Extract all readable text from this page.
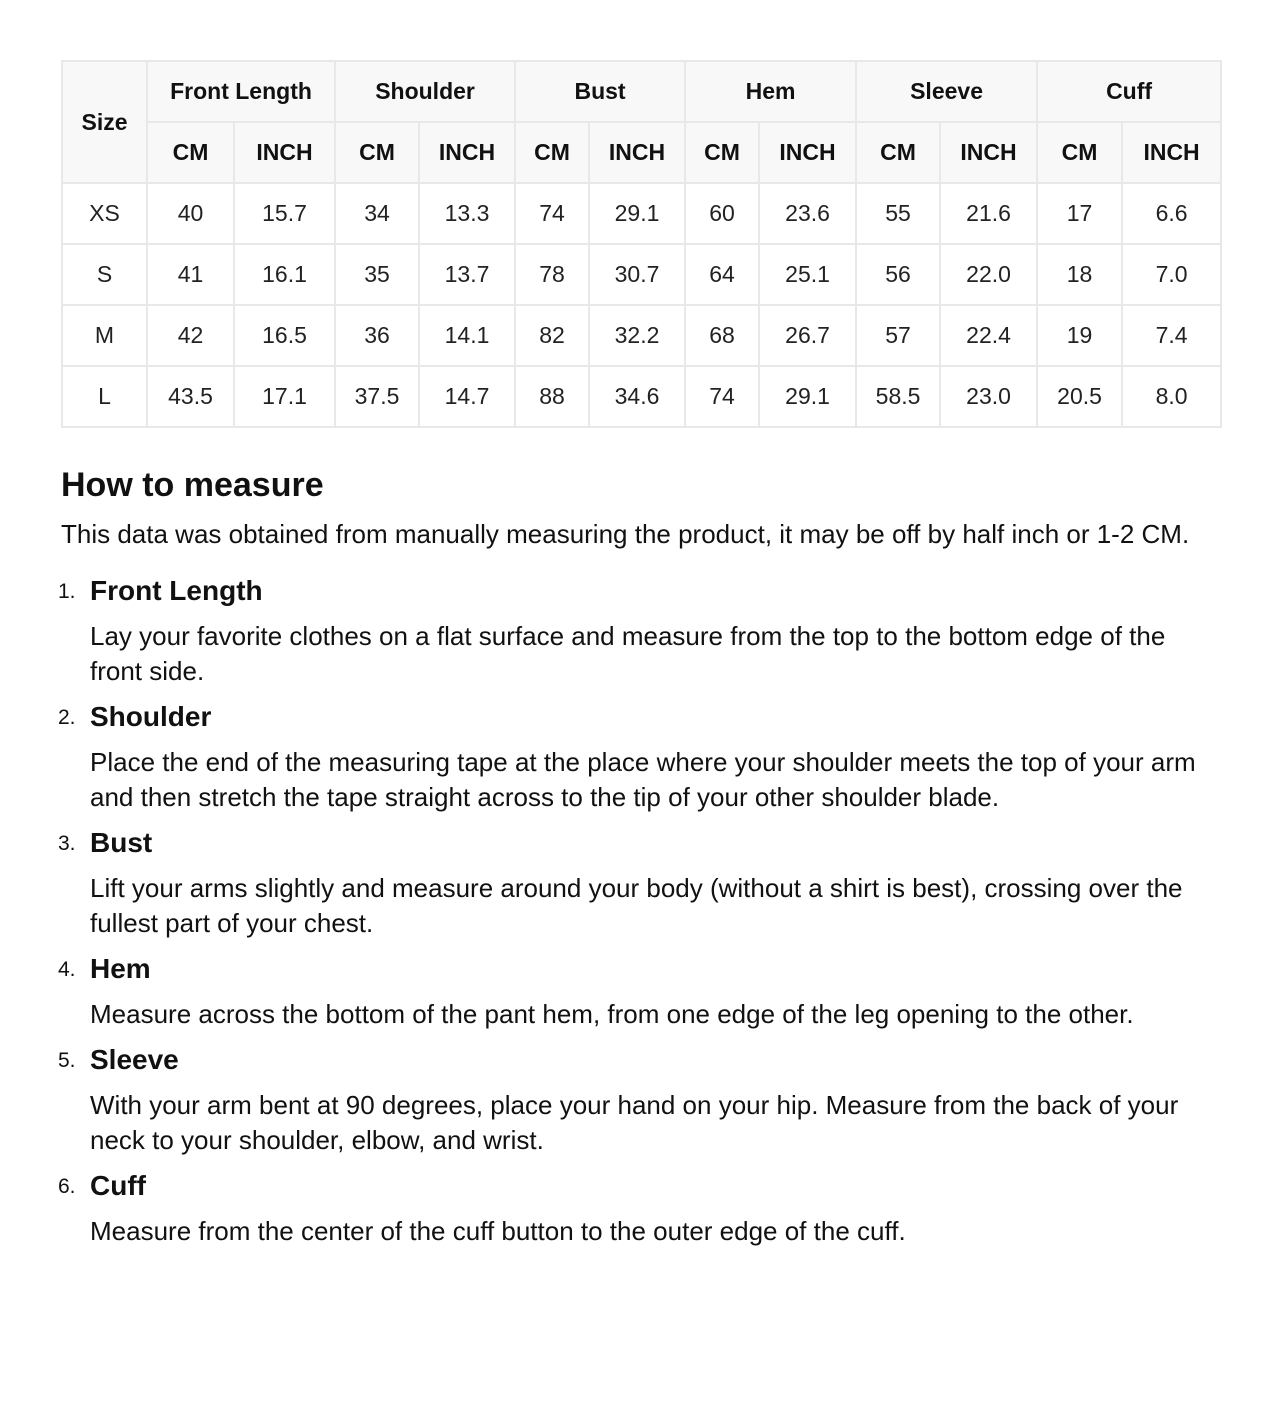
Size	Front Length		Shoulder		Bust		Hem		Sleeve		Cuff	
	CM	INCH	CM	INCH	CM	INCH	CM	INCH	CM	INCH	CM	INCH
XS	40	15.7	34	13.3	74	29.1	60	23.6	55	21.6	17	6.6
S	41	16.1	35	13.7	78	30.7	64	25.1	56	22.0	18	7.0
M	42	16.5	36	14.1	82	32.2	68	26.7	57	22.4	19	7.4
L	43.5	17.1	37.5	14.7	88	34.6	74	29.1	58.5	23.0	20.5	8.0
How to measure

This data was obtained from manually measuring the product, it may be off by half inch or 1-2 CM.

1. Front Length

Lay your favorite clothes on a flat surface and measure from the top to the bottom edge of the front side.

2. Shoulder

Place the end of the measuring tape at the place where your shoulder meets the top of your arm and then stretch the tape straight across to the tip of your other shoulder blade.

3. Bust

Lift your arms slightly and measure around your body (without a shirt is best), crossing over the fullest part of your chest.

4. Hem

Measure across the bottom of the pant hem, from one edge of the leg opening to the other.

5. Sleeve

With your arm bent at 90 degrees, place your hand on your hip. Measure from the back of your neck to your shoulder, elbow, and wrist.

6. Cuff

Measure from the center of the cuff button to the outer edge of the cuff.
